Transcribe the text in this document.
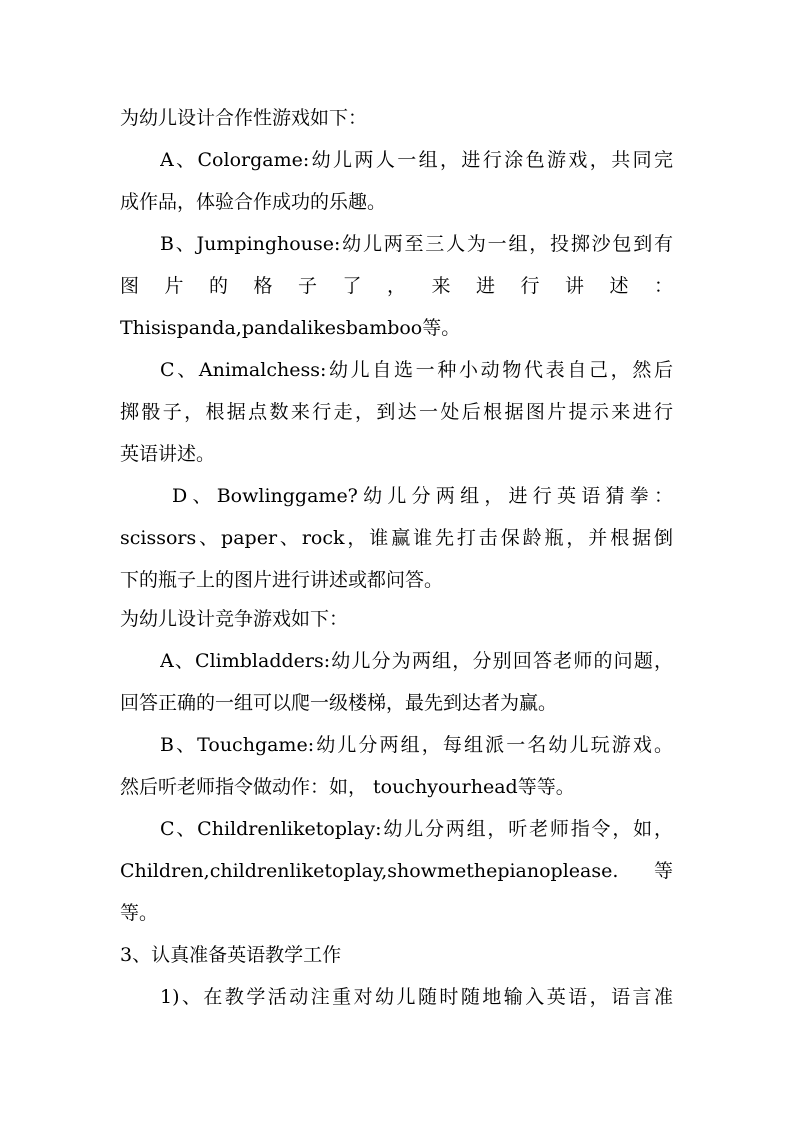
为幼儿设计合作性游戏如下：
A、Colorgame:幼儿两人一组，进行涂色游戏，共同完
成作品，体验合作成功的乐趣。
B、Jumpinghouse:幼儿两至三人为一组，投掷沙包到有
图 片 的 格 子 了 ， 来 进 行 讲 述 ：
Thisispanda,pandalikesbamboo等。
C、Animalchess:幼儿自选一种小动物代表自己，然后
掷骰子，根据点数来行走，到达一处后根据图片提示来进行
英语讲述。
D、Bowlinggame?幼儿分两组，进行英语猜拳：
scissors、paper、rock，谁赢谁先打击保龄瓶，并根据倒
下的瓶子上的图片进行讲述或都问答。
为幼儿设计竞争游戏如下：
A、Climbladders:幼儿分为两组，分别回答老师的问题，
回答正确的一组可以爬一级楼梯，最先到达者为赢。
B、Touchgame:幼儿分两组，每组派一名幼儿玩游戏。
然后听老师指令做动作：如， touchyourhead等等。
C、Childrenliketoplay:幼儿分两组，听老师指令，如，
Children,childrenliketoplay,showmethepianoplease. 等
等。
3、认真准备英语教学工作
1)、在教学活动注重对幼儿随时随地输入英语，语言准
